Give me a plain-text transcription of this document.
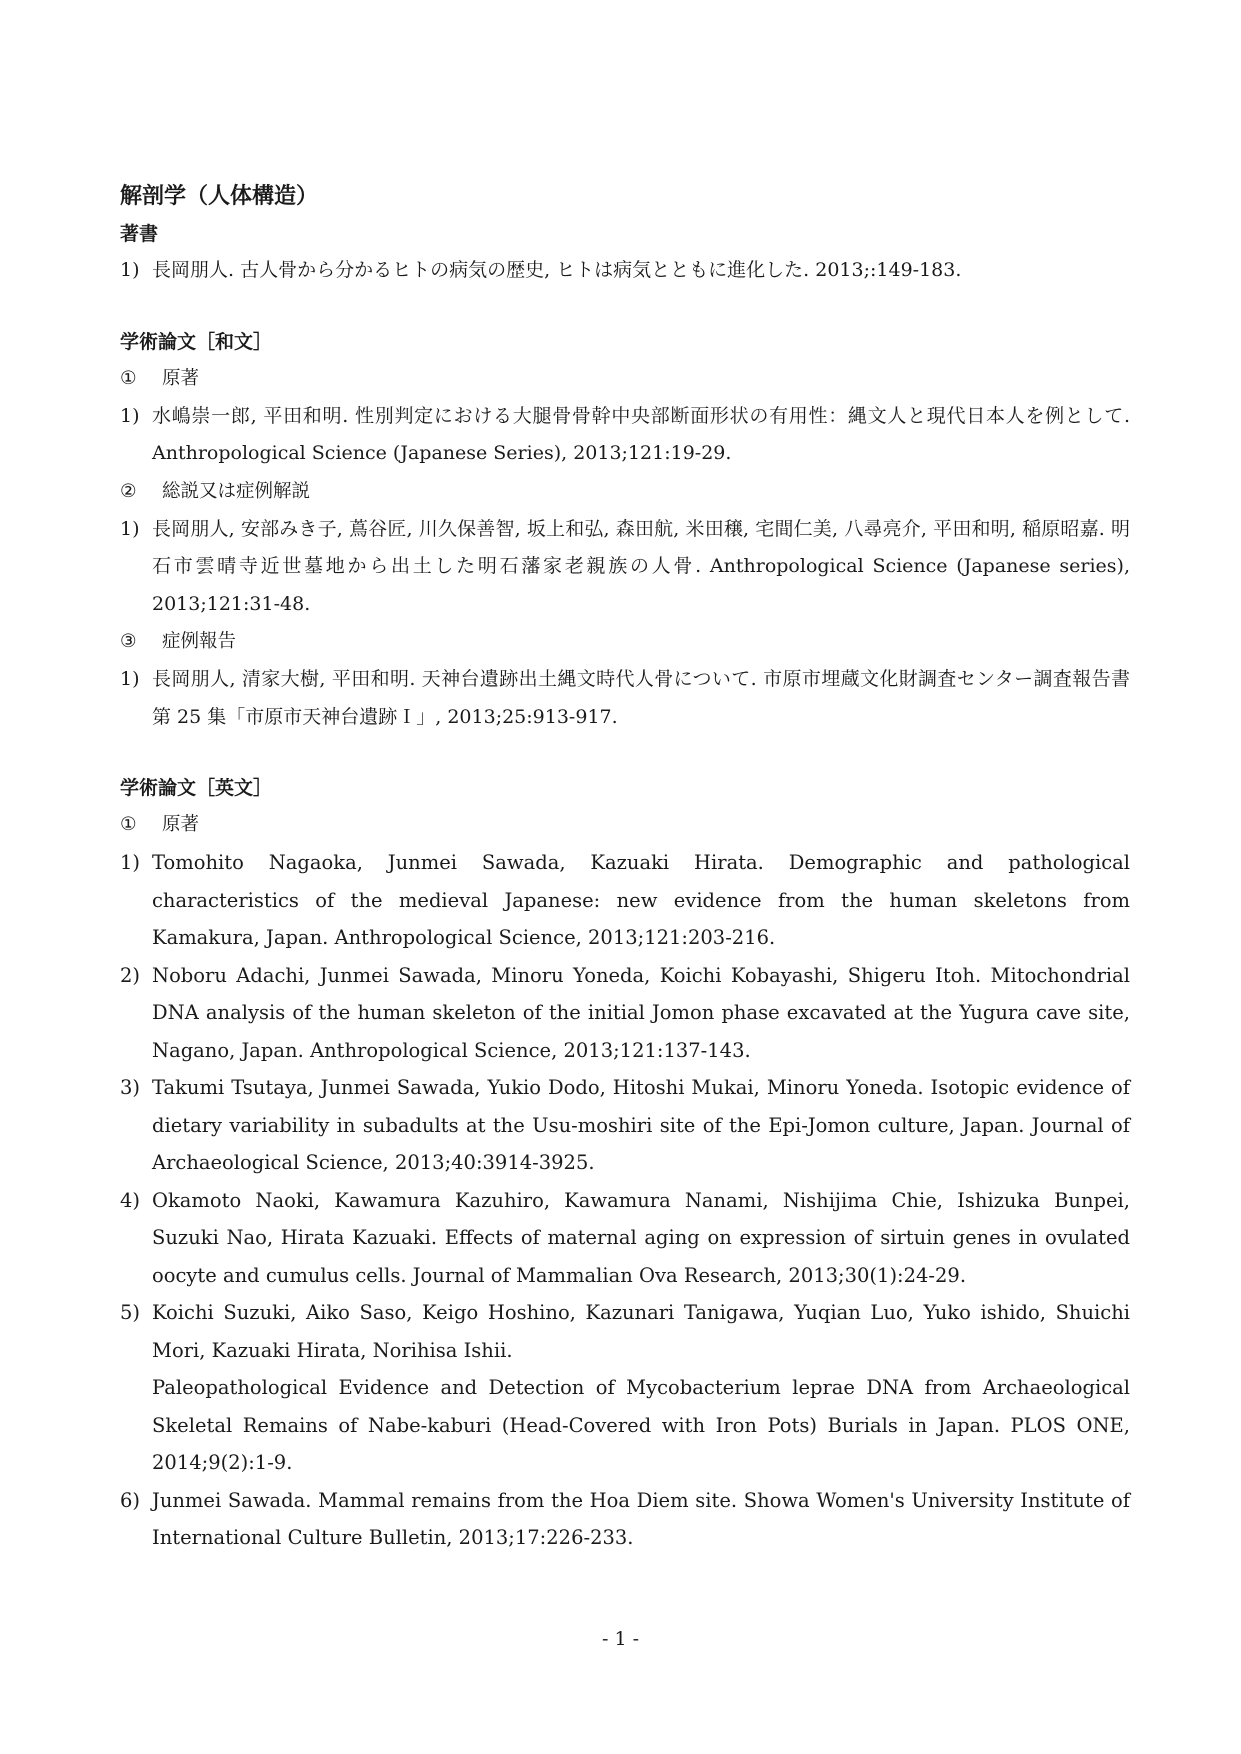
解剖学（人体構造）
著書
1) 長岡朋人. 古人骨から分かるヒトの病気の歴史, ヒトは病気とともに進化した. 2013;:149-183.
学術論文［和文］
① 原著
1) 水嶋崇一郎, 平田和明. 性別判定における大腿骨骨幹中央部断面形状の有用性：縄文人と現代日本人を例として. Anthropological Science (Japanese Series), 2013;121:19-29.
② 総説又は症例解説
1) 長岡朋人, 安部みき子, 蔦谷匠, 川久保善智, 坂上和弘, 森田航, 米田穣, 宅間仁美, 八尋亮介, 平田和明, 稲原昭嘉. 明石市雲晴寺近世墓地から出土した明石藩家老親族の人骨. Anthropological Science (Japanese series), 2013;121:31-48.
③ 症例報告
1) 長岡朋人, 清家大樹, 平田和明. 天神台遺跡出土縄文時代人骨について. 市原市埋蔵文化財調査センター調査報告書第 25 集「市原市天神台遺跡Ｉ」, 2013;25:913-917.
学術論文［英文］
① 原著
1) Tomohito Nagaoka, Junmei Sawada, Kazuaki Hirata. Demographic and pathological characteristics of the medieval Japanese: new evidence from the human skeletons from Kamakura, Japan. Anthropological Science, 2013;121:203-216.
2) Noboru Adachi, Junmei Sawada, Minoru Yoneda, Koichi Kobayashi, Shigeru Itoh. Mitochondrial DNA analysis of the human skeleton of the initial Jomon phase excavated at the Yugura cave site, Nagano, Japan. Anthropological Science, 2013;121:137-143.
3) Takumi Tsutaya, Junmei Sawada, Yukio Dodo, Hitoshi Mukai, Minoru Yoneda. Isotopic evidence of dietary variability in subadults at the Usu-moshiri site of the Epi-Jomon culture, Japan. Journal of Archaeological Science, 2013;40:3914-3925.
4) Okamoto Naoki, Kawamura Kazuhiro, Kawamura Nanami, Nishijima Chie, Ishizuka Bunpei, Suzuki Nao, Hirata Kazuaki. Effects of maternal aging on expression of sirtuin genes in ovulated oocyte and cumulus cells. Journal of Mammalian Ova Research, 2013;30(1):24-29.
5) Koichi Suzuki, Aiko Saso, Keigo Hoshino, Kazunari Tanigawa, Yuqian Luo, Yuko ishido, Shuichi Mori, Kazuaki Hirata, Norihisa Ishii.
Paleopathological Evidence and Detection of Mycobacterium leprae DNA from Archaeological Skeletal Remains of Nabe-kaburi (Head-Covered with Iron Pots) Burials in Japan. PLOS ONE, 2014;9(2):1-9.
6) Junmei Sawada. Mammal remains from the Hoa Diem site. Showa Women's University Institute of International Culture Bulletin, 2013;17:226-233.
- 1 -
